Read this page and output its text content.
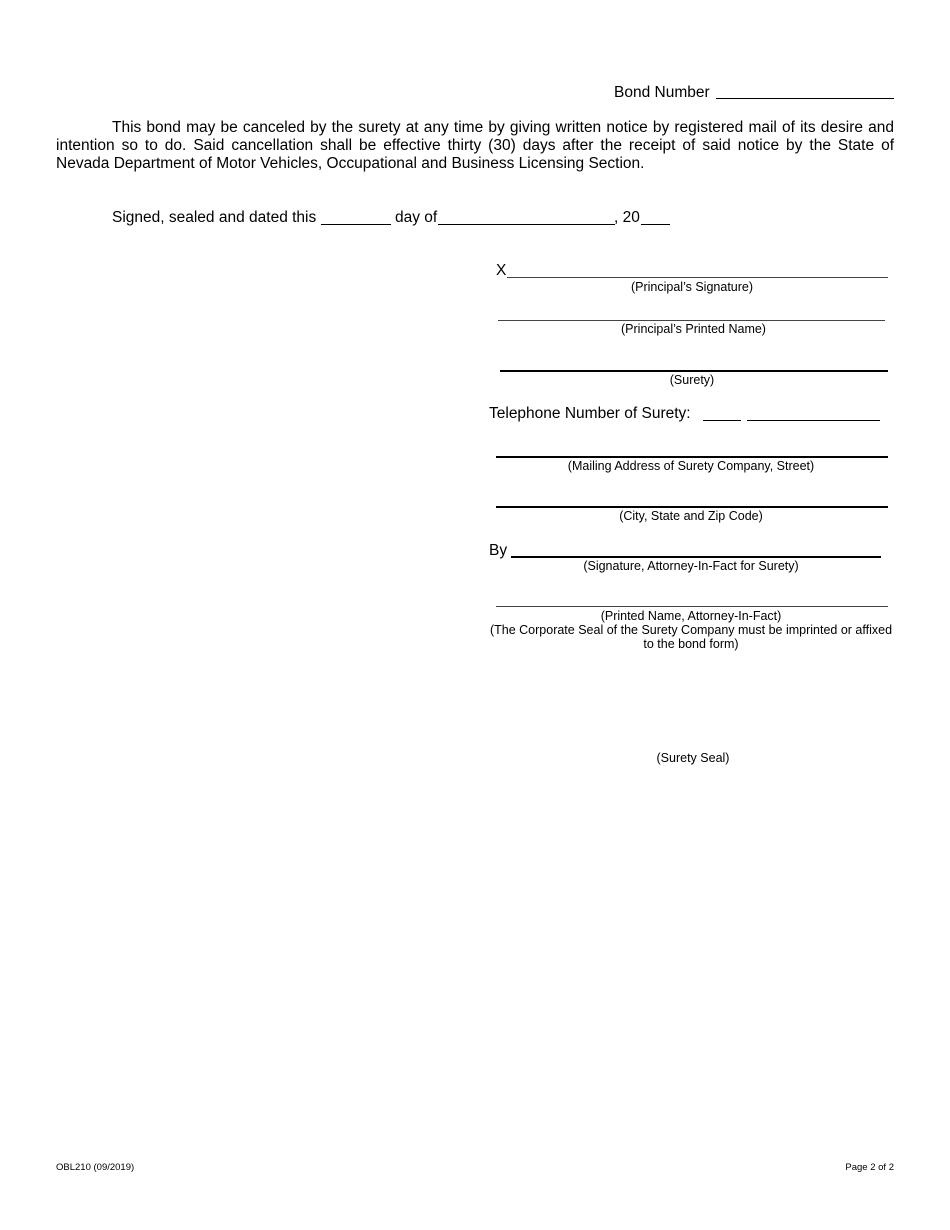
Bond Number
This bond may be canceled by the surety at any time by giving written notice by registered mail of its desire and intention so to do. Said cancellation shall be effective thirty (30) days after the receipt of said notice by the State of Nevada Department of Motor Vehicles, Occupational and Business Licensing Section.
Signed, sealed and dated this	day of	, 20
X
(Principal’s Signature)
(Principal’s Printed Name)
(Surety)
Telephone Number of Surety:
(Mailing Address of Surety Company, Street)
(City, State and Zip Code)
By
(Signature, Attorney-In-Fact for Surety)
(Printed Name, Attorney-In-Fact)
(The Corporate Seal of the Surety Company must be imprinted or affixed
to the bond form)
(Surety Seal)
OBL210 (09/2019)	Page 2 of 2
